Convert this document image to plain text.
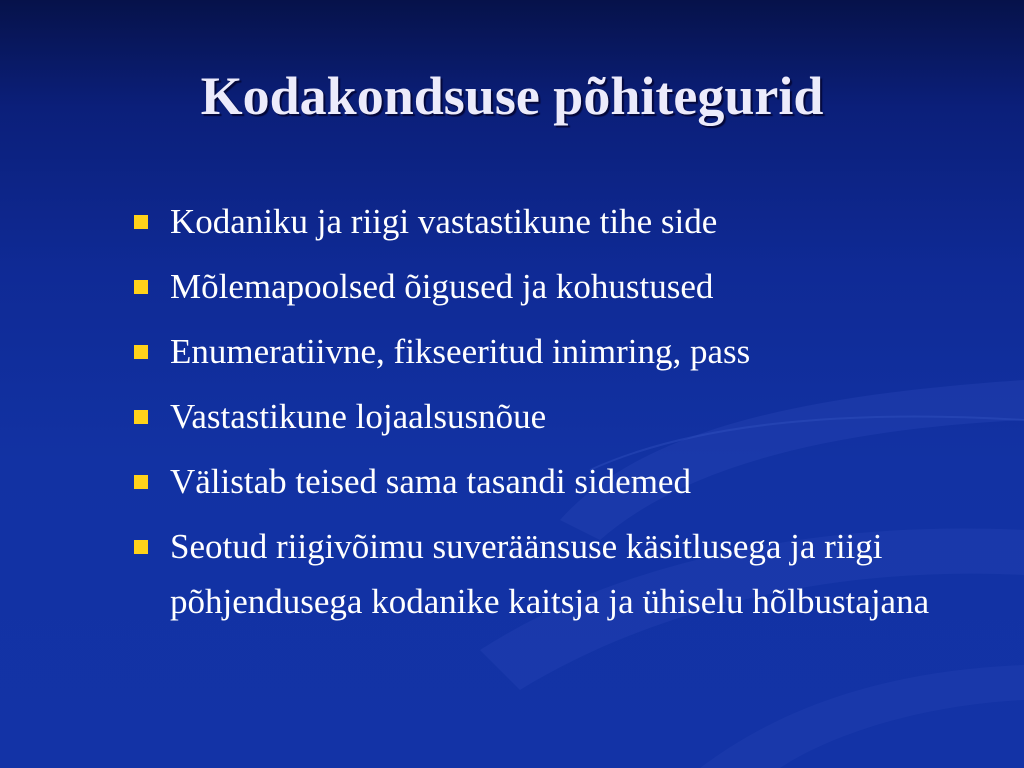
Kodakondsuse põhitegurid
Kodaniku ja riigi vastastikune tihe side
Mõlemapoolsed õigused ja kohustused
Enumeratiivne, fikseeritud inimring, pass
Vastastikune lojaalsusnõue
Välistab teised sama tasandi sidemed
Seotud riigivõimu suveräänsuse käsitlusega ja riigi põhjendusega kodanike kaitsja ja ühiselu hõlbustajana
